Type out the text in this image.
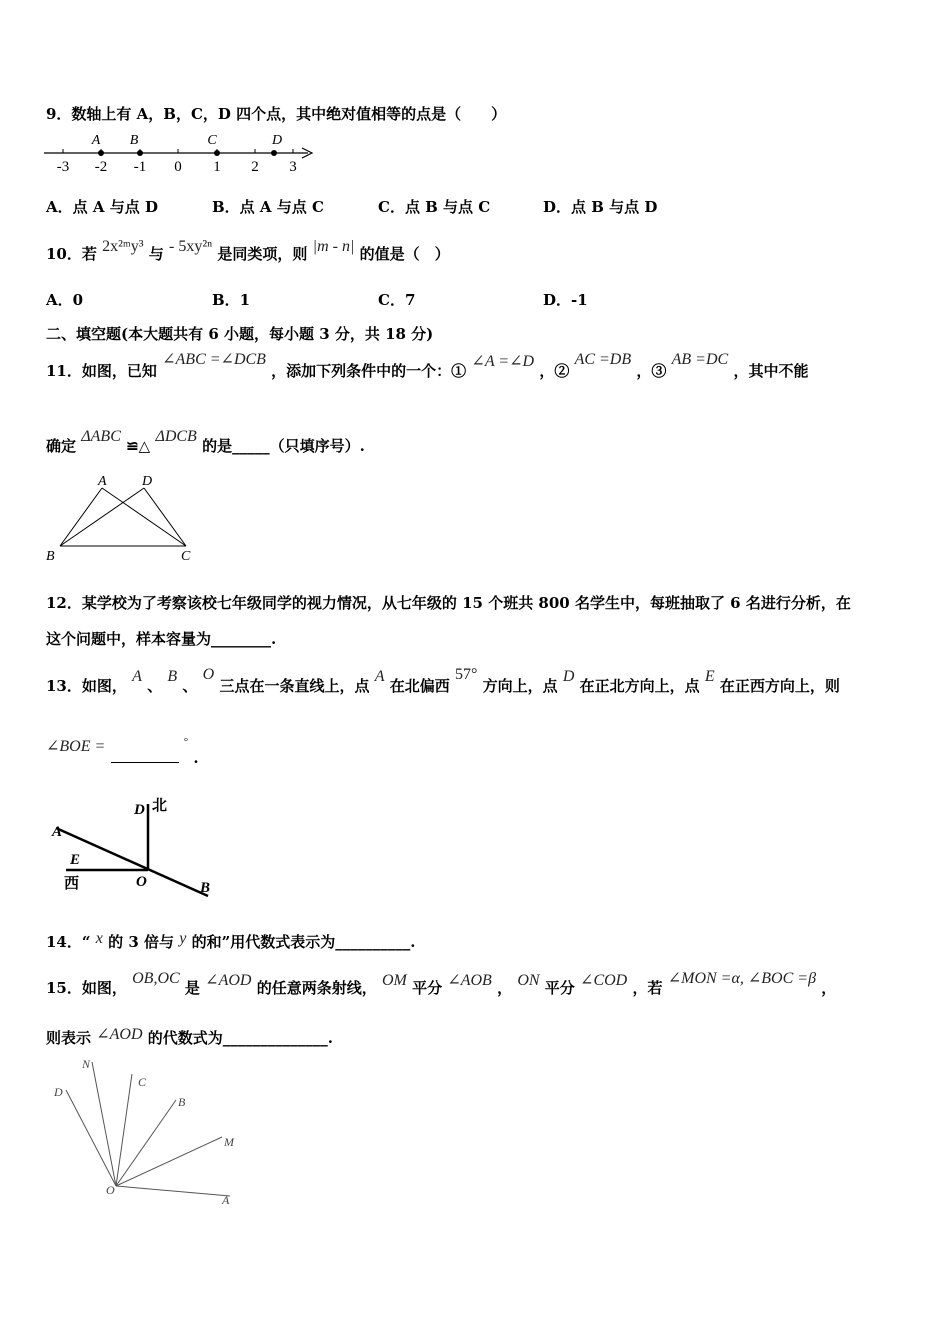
9．数轴上有 A，B，C，D 四个点，其中绝对值相等的点是（　　）
-3 -2 -1 0 1 2 3
A B	C	D
A．点 A 与点 D	B．点 A 与点 C	C．点 B 与点 C	D．点 B 与点 D
10．若 2x²ᵐy³ 与 - 5xy²ⁿ 是同类项，则 |m - n| 的值是（　）
A．0	B．1	C．7	D．-1
二、填空题(本大题共有 6 小题，每小题 3 分，共 18 分)
11．如图，已知 ∠ABC =∠DCB ，添加下列条件中的一个：① ∠A =∠D ，② AC =DB ，③ AB =DC ，其中不能
确定 ΔABC ≌△ ΔDCB 的是_____（只填序号）.
A	D
B	C
12．某学校为了考察该校七年级同学的视力情况，从七年级的 15 个班共 800 名学生中，每班抽取了 6 名进行分析，在
这个问题中，样本容量为________.
13．如图， A 、 B 、 O 三点在一条直线上，点 A 在北偏西 57° 方向上，点 D 在正北方向上，点 E 在正西方向上，则
∠BOE =	° .
D 北
A
E
西	O	B
14．“ x 的 3 倍与 y 的和”用代数式表示为__________.
15．如图， OB,OC 是 ∠AOD 的任意两条射线， OM 平分 ∠AOB ， ON 平分 ∠COD ，若 ∠MON =α, ∠BOC =β ，
则表示 ∠AOD 的代数式为______________.
N
D
C
B
M
O
A
